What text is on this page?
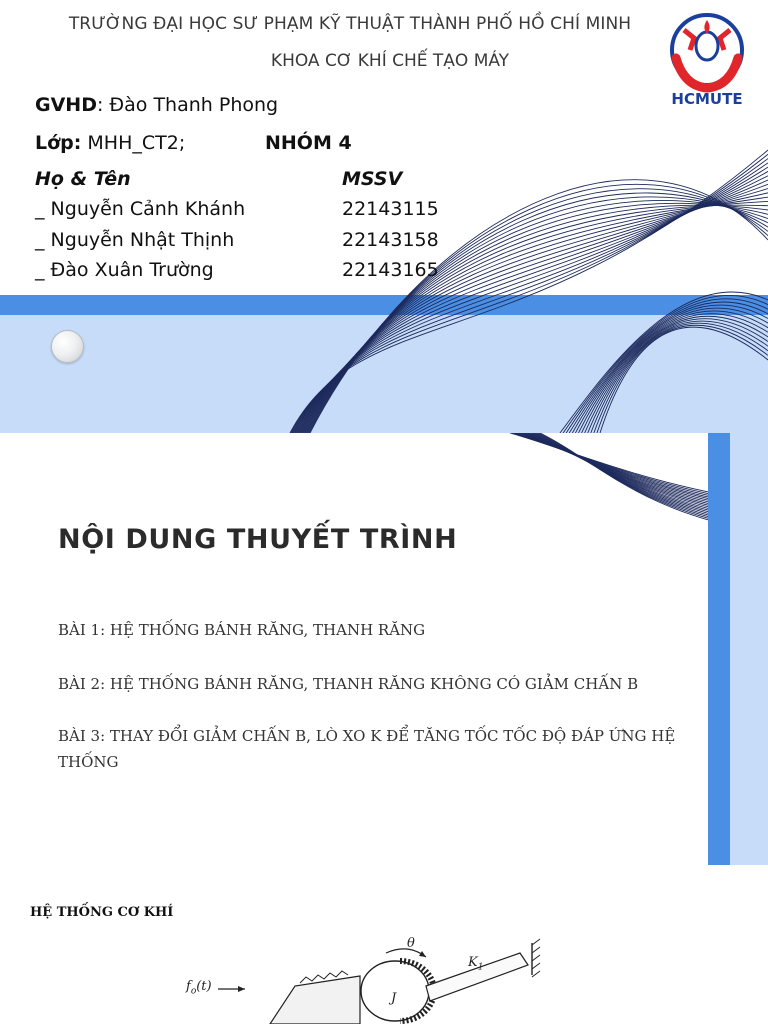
TRƯỜNG ĐẠI HỌC SƯ PHẠM KỸ THUẬT THÀNH PHỐ HỒ CHÍ MINH
KHOA CƠ KHÍ CHẾ TẠO MÁY
HCMUTE
GVHD: Đào Thanh Phong
Lớp: MHH_CT2;	NHÓM 4
Họ & Tên	MSSV
_ Nguyễn Cảnh Khánh	22143115
_ Nguyễn Nhật Thịnh	22143158
_ Đào Xuân Trường	22143165
NỘI DUNG THUYẾT TRÌNH
BÀI 1: HỆ THỐNG BÁNH RĂNG, THANH RĂNG
BÀI 2: HỆ THỐNG BÁNH RĂNG, THANH RĂNG KHÔNG CÓ GIẢM CHẤN B
BÀI 3: THAY ĐỔI GIẢM CHẤN B, LÒ XO K ĐỂ TĂNG TỐC TỐC ĐỘ ĐÁP ỨNG HỆ THỐNG
HỆ THỐNG CƠ KHÍ
θ
$K_1$
J
$f_o(t)$
